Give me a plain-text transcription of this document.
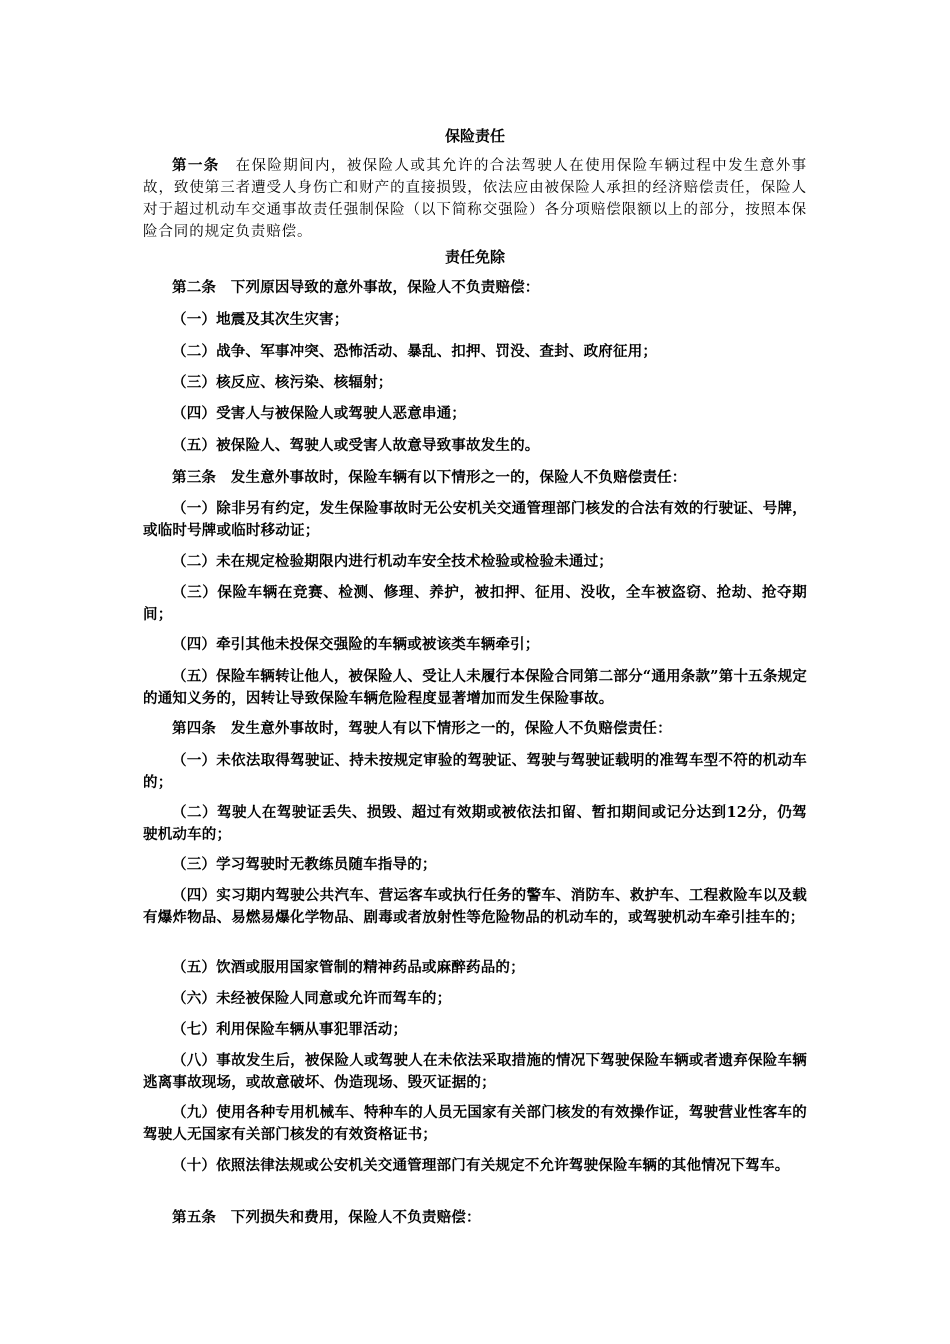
保险责任
第一条　 在保险期间内，被保险人或其允许的合法驾驶人在使用保险车辆过程中发生意外事故，致使第三者遭受人身伤亡和财产的直接损毁，依法应由被保险人承担的经济赔偿责任，保险人对于超过机动车交通事故责任强制保险（以下简称交强险）各分项赔偿限额以上的部分，按照本保险合同的规定负责赔偿。
责任免除
第二条　下列原因导致的意外事故，保险人不负责赔偿：
（一）地震及其次生灾害；
（二）战争、军事冲突、恐怖活动、暴乱、扣押、罚没、查封、政府征用；
（三）核反应、核污染、核辐射；
（四）受害人与被保险人或驾驶人恶意串通；
（五）被保险人、驾驶人或受害人故意导致事故发生的。
第三条　发生意外事故时，保险车辆有以下情形之一的，保险人不负赔偿责任：
（一）除非另有约定，发生保险事故时无公安机关交通管理部门核发的合法有效的行驶证、号牌，或临时号牌或临时移动证；
（二）未在规定检验期限内进行机动车安全技术检验或检验未通过；
（三）保险车辆在竞赛、检测、修理、养护，被扣押、征用、没收，全车被盗窃、抢劫、抢夺期间；
（四）牵引其他未投保交强险的车辆或被该类车辆牵引；
（五）保险车辆转让他人，被保险人、受让人未履行本保险合同第二部分“通用条款”第十五条规定的通知义务的，因转让导致保险车辆危险程度显著增加而发生保险事故。
第四条　发生意外事故时，驾驶人有以下情形之一的，保险人不负赔偿责任：
（一）未依法取得驾驶证、持未按规定审验的驾驶证、驾驶与驾驶证载明的准驾车型不符的机动车的；
（二）驾驶人在驾驶证丢失、损毁、超过有效期或被依法扣留、暂扣期间或记分达到12分，仍驾驶机动车的；
（三）学习驾驶时无教练员随车指导的；
（四）实习期内驾驶公共汽车、营运客车或执行任务的警车、消防车、救护车、工程救险车以及载有爆炸物品、易燃易爆化学物品、剧毒或者放射性等危险物品的机动车的，或驾驶机动车牵引挂车的；
（五）饮酒或服用国家管制的精神药品或麻醉药品的；
（六）未经被保险人同意或允许而驾车的；
（七）利用保险车辆从事犯罪活动；
（八）事故发生后，被保险人或驾驶人在未依法采取措施的情况下驾驶保险车辆或者遗弃保险车辆逃离事故现场，或故意破坏、伪造现场、毁灭证据的；
（九）使用各种专用机械车、特种车的人员无国家有关部门核发的有效操作证，驾驶营业性客车的驾驶人无国家有关部门核发的有效资格证书；
（十）依照法律法规或公安机关交通管理部门有关规定不允许驾驶保险车辆的其他情况下驾车。
第五条　下列损失和费用，保险人不负责赔偿：
